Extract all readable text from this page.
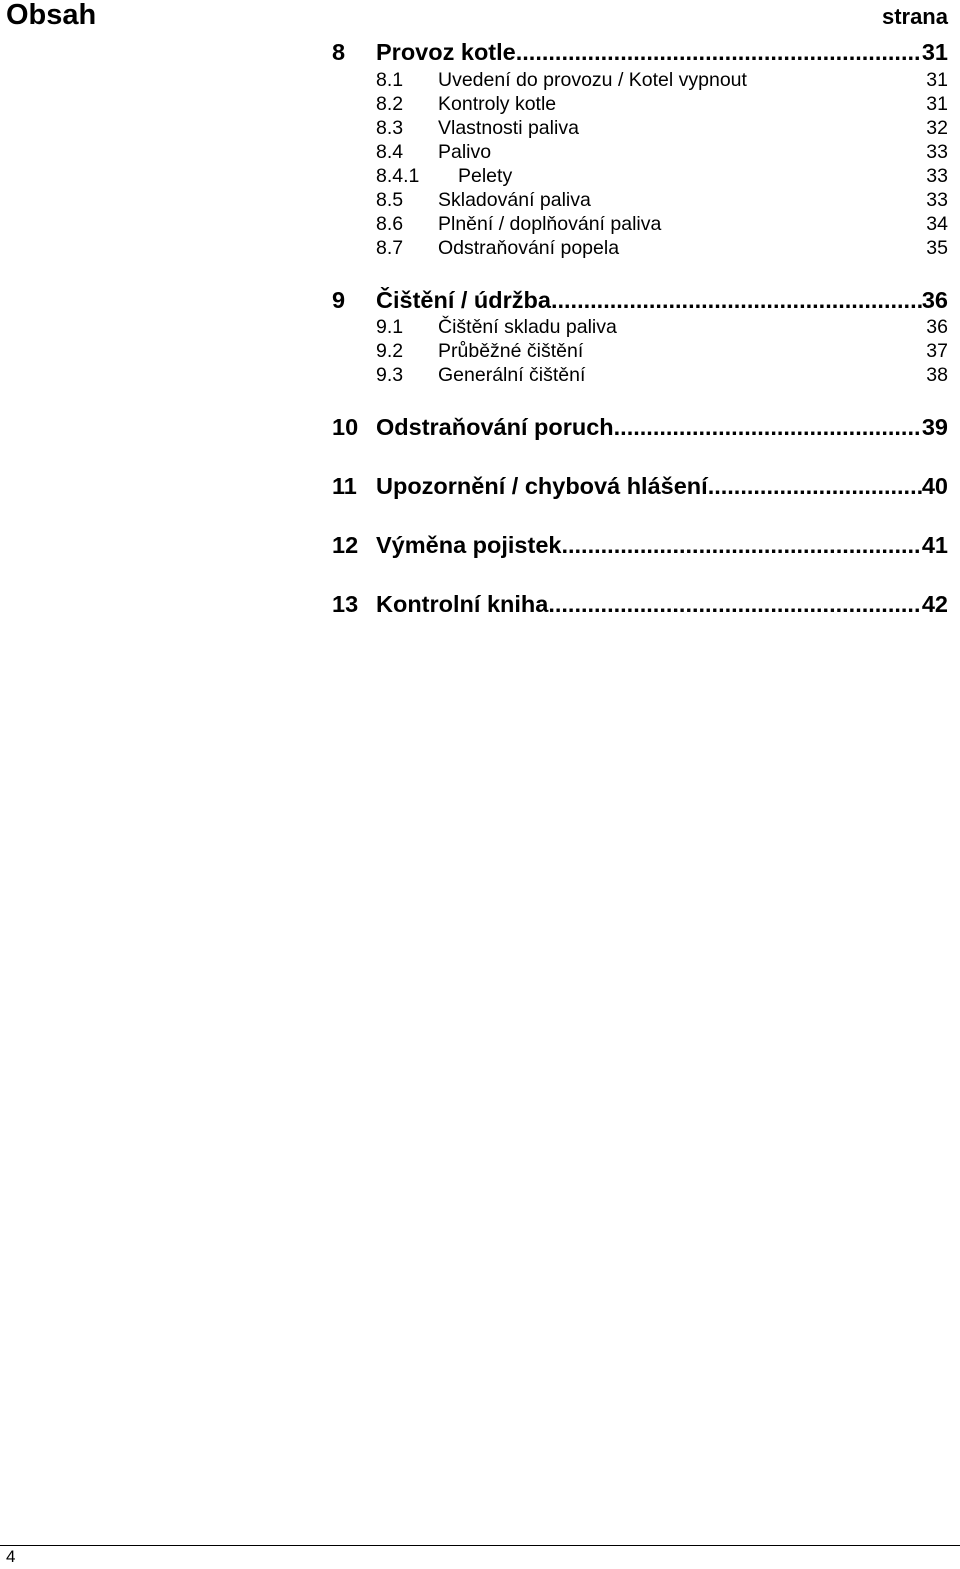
Obsah	strana
8 Provoz kotle .....	31
8.1 Uvedení do provozu / Kotel vypnout	31
8.2 Kontroly kotle	31
8.3 Vlastnosti paliva	32
8.4 Palivo	33
8.4.1 Pelety	33
8.5 Skladování paliva	33
8.6 Plnění / doplňování paliva	34
8.7 Odstraňování popela	35
9 Čištění / údržba .....	36
9.1 Čištění skladu paliva	36
9.2 Průběžné čištění	37
9.3 Generální čištění	38
10 Odstraňování poruch .....	39
11 Upozornění / chybová hlášení .....	40
12 Výměna pojistek .....	41
13 Kontrolní kniha .....	42
4
